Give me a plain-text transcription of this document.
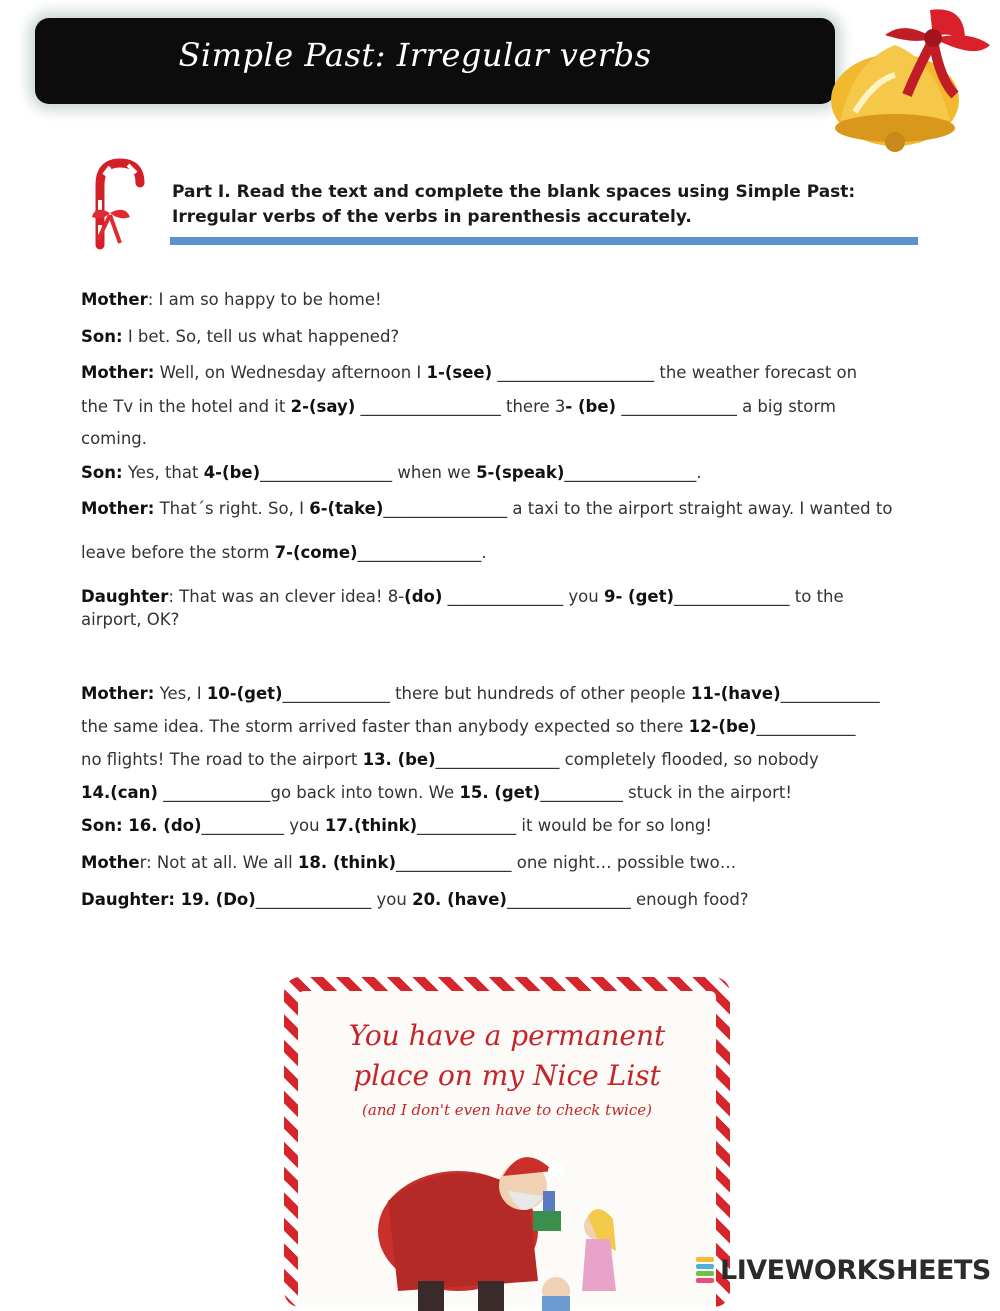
Simple Past: Irregular verbs
Part I. Read the text and complete the blank spaces using Simple Past: Irregular verbs of the verbs in parenthesis accurately.
Mother: I am so happy to be home!
Son: I bet. So, tell us what happened?
Mother: Well, on Wednesday afternoon I 1-(see) ___________________ the weather forecast on
the Tv in the hotel and it 2-(say) _________________ there 3- (be) ______________ a big storm
coming.
Son: Yes, that 4-(be)________________ when we 5-(speak)________________.
Mother: That´s right. So, I 6-(take)_______________ a taxi to the airport straight away. I wanted to
leave before the storm 7-(come)_______________.
Daughter: That was an clever idea! 8-(do) ______________ you 9- (get)______________ to the
airport, OK?
Mother: Yes, I 10-(get)_____________ there but hundreds of other people 11-(have)____________
the same idea. The storm arrived faster than anybody expected so there 12-(be)____________
no flights! The road to the airport 13. (be)_______________ completely flooded, so nobody
14.(can) _____________go back into town. We 15. (get)__________ stuck in the airport!
Son: 16. (do)__________ you 17.(think)____________ it would be for so long!
Mother: Not at all. We all 18. (think)______________ one night… possible two…
Daughter: 19. (Do)______________ you 20. (have)_______________ enough food?
You have a permanent
place on my Nice List
(and I don't even have to check twice)
LIVEWORKSHEETS
